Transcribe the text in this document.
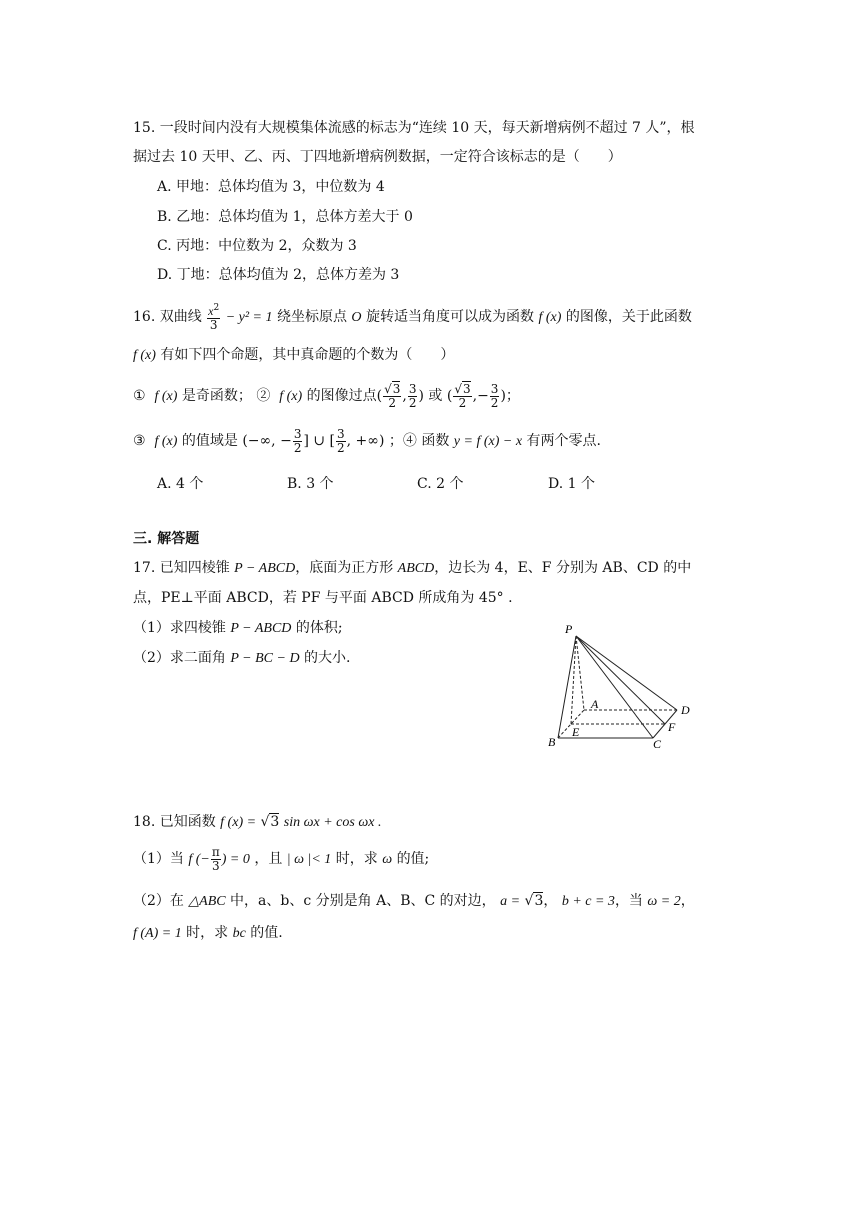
15. 一段时间内没有大规模集体流感的标志为“连续 10 天，每天新增病例不超过 7 人”，根
据过去 10 天甲、乙、丙、丁四地新增病例数据，一定符合该标志的是（　　）
A. 甲地：总体均值为 3，中位数为 4
B. 乙地：总体均值为 1，总体方差大于 0
C. 丙地：中位数为 2，众数为 3
D. 丁地：总体均值为 2，总体方差为 3
16. 双曲线 $\frac{x^2}{3} - y^2 = 1$ 绕坐标原点 O 旋转适当角度可以成为函数 f (x) 的图像，关于此函数
f (x) 有如下四个命题，其中真命题的个数为（　　）
① f (x) 是奇函数； ② f (x) 的图像过点( $\frac{√3}{2}$ , $\frac{3}{2}$ ) 或 ( $\frac{√3}{2}$ ,− $\frac{3}{2}$ )；
③ f (x) 的值域是 (−∞, − $\frac{3}{2}$ ] ∪ [ $\frac{3}{2}$ , +∞) ；④ 函数 y = f (x) − x 有两个零点.
A. 4 个	B. 3 个	C. 2 个	D. 1 个
三. 解答题
17. 已知四棱锥 P − ABCD，底面为正方形 ABCD，边长为 4，E、F 分别为 AB、CD 的中
点，PE⊥平面 ABCD，若 PF 与平面 ABCD 所成角为 45° .
（1）求四棱锥 P − ABCD 的体积;
（2）求二面角 P − BC − D 的大小.
P
A
B	C
D
E	F
18. 已知函数 f (x) = √3 sin ωx + cos ωx .
（1）当 f (− $\frac{\pi}{3}$ ) = 0 ，且 | ω |< 1 时，求 ω 的值;
（2）在 △ABC 中，a、b、c 分别是角 A、B、C 的对边， a = √3， b + c = 3，当 ω = 2，
f (A) = 1 时，求 bc 的值.
